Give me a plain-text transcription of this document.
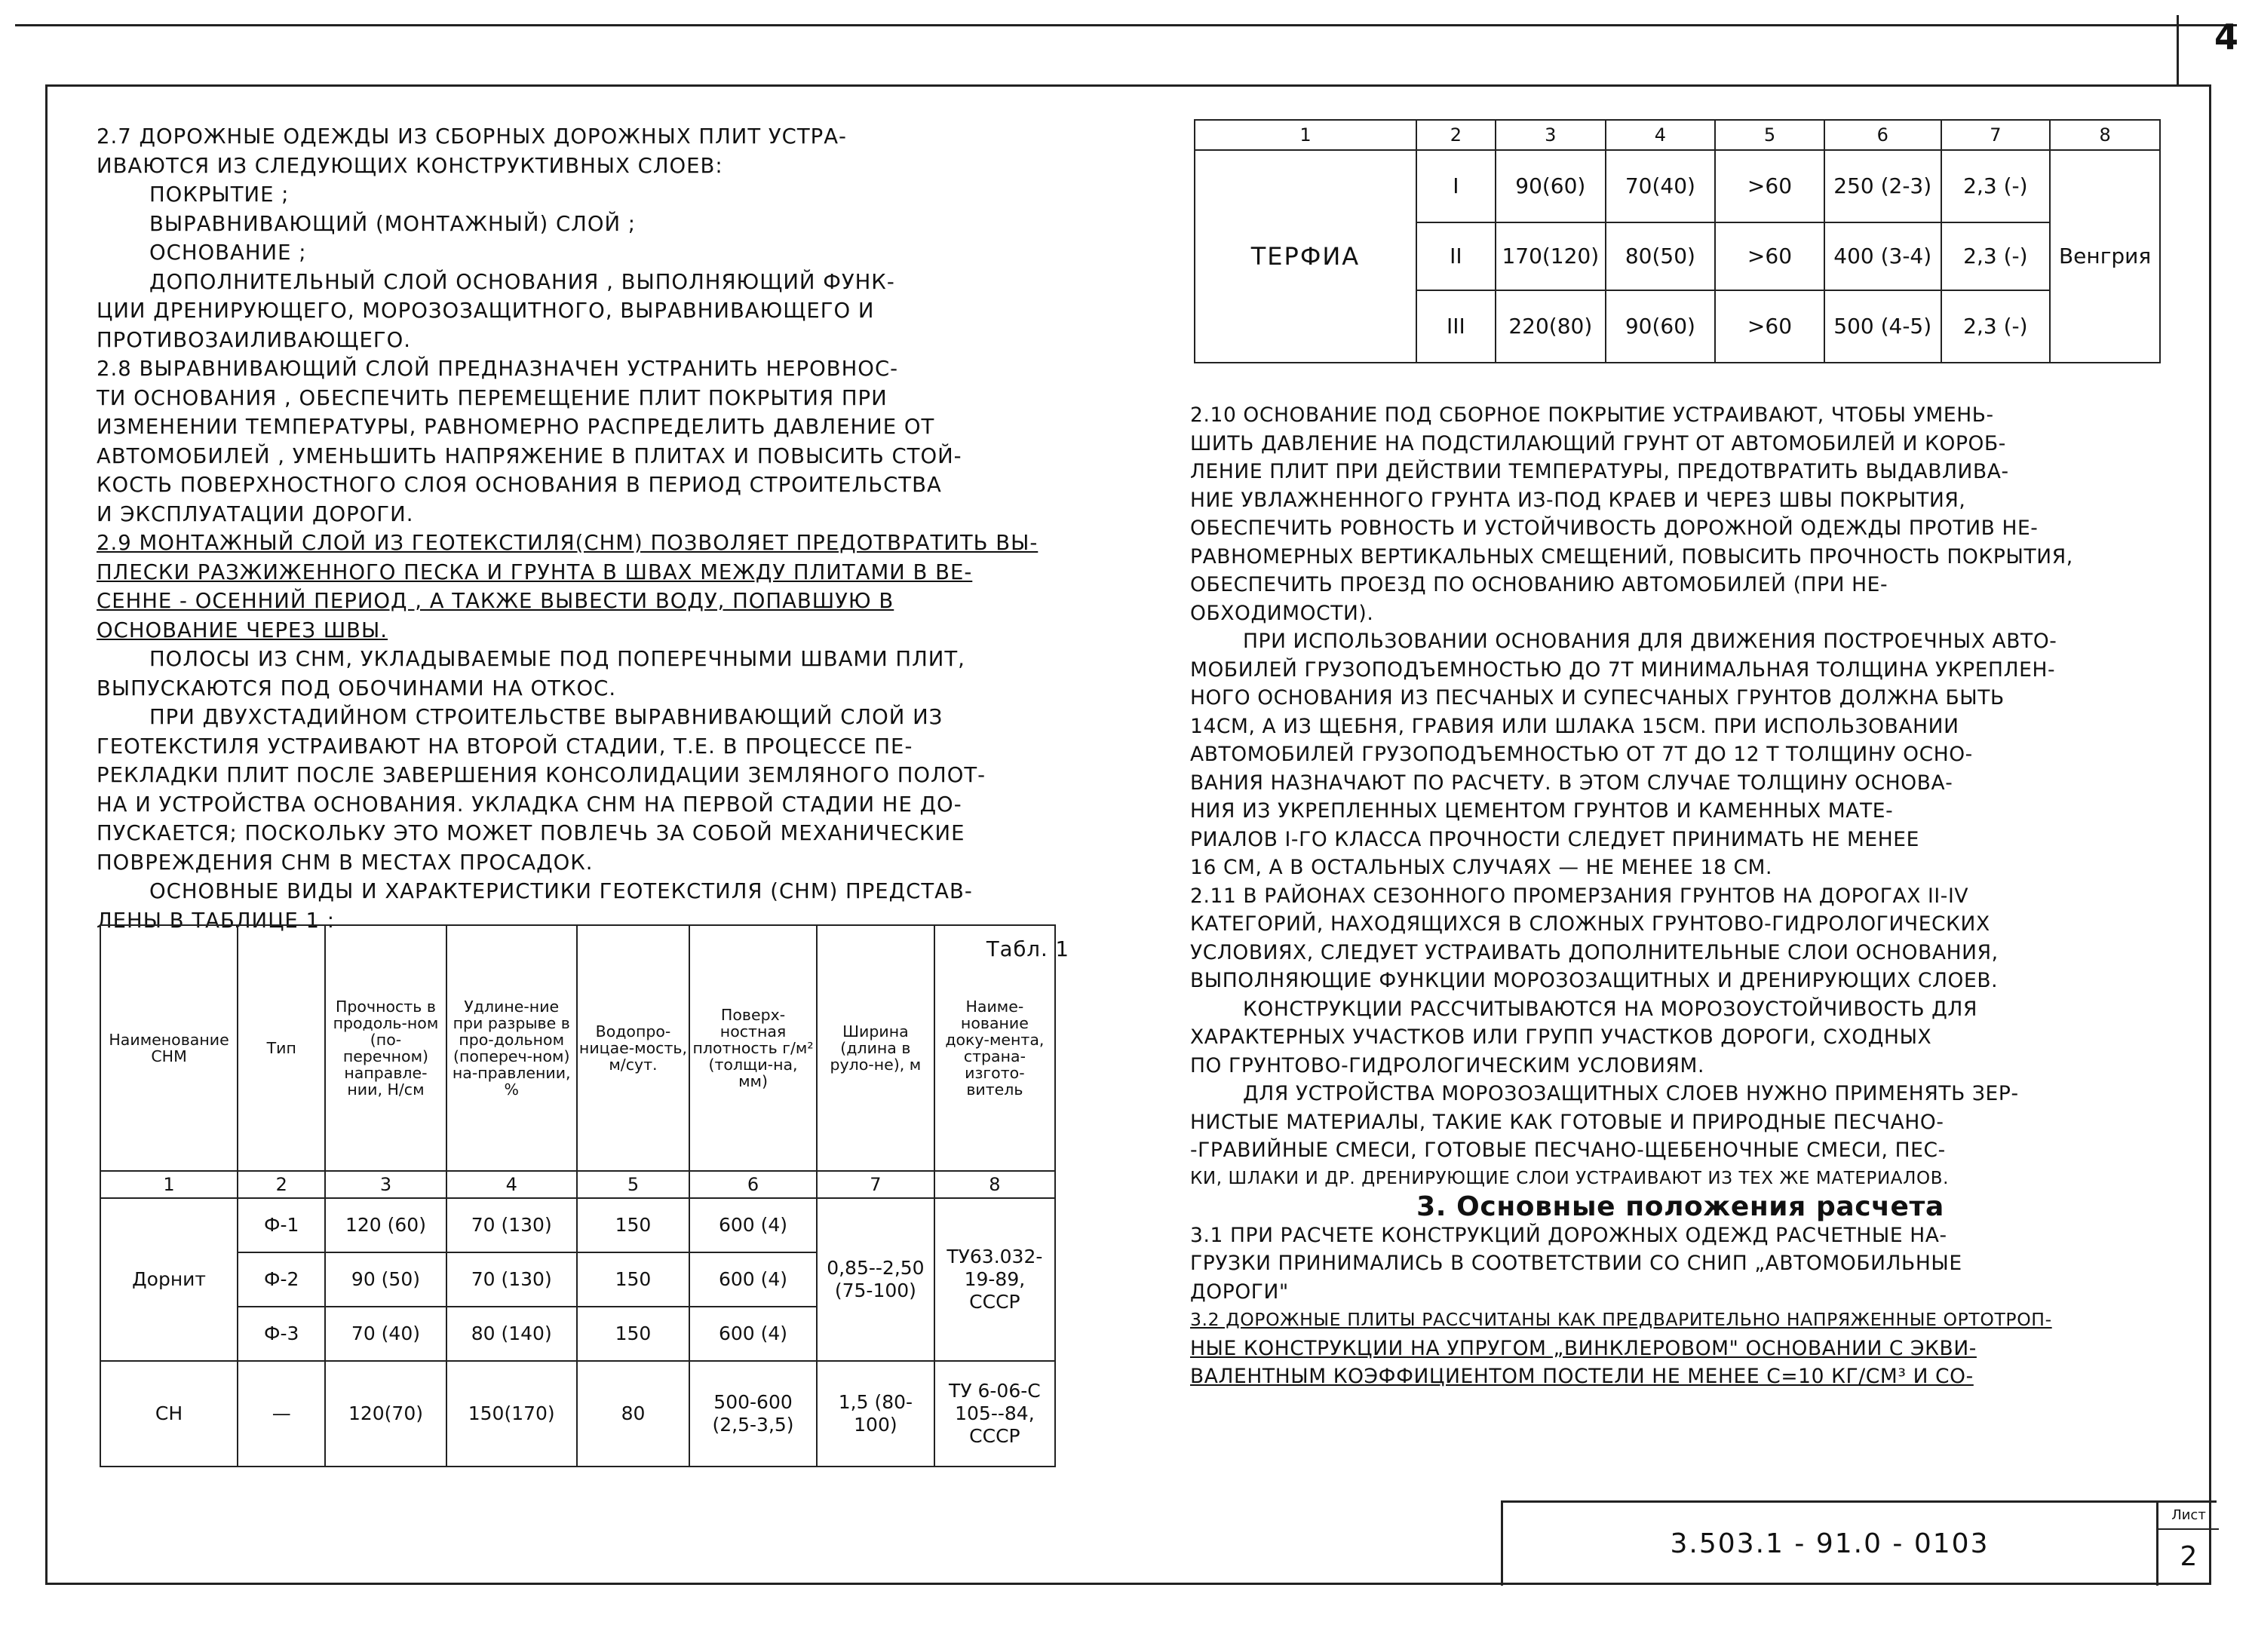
4

2.7 ДОРОЖНЫЕ ОДЕЖДЫ ИЗ СБОРНЫХ ДОРОЖНЫХ ПЛИТ УСТРА-

ИВАЮТСЯ ИЗ СЛЕДУЮЩИХ КОНСТРУКТИВНЫХ СЛОЕВ:

ПОКРЫТИЕ ;

ВЫРАВНИВАЮЩИЙ (МОНТАЖНЫЙ) СЛОЙ ;

ОСНОВАНИЕ ;

ДОПОЛНИТЕЛЬНЫЙ СЛОЙ ОСНОВАНИЯ , ВЫПОЛНЯЮЩИЙ ФУНК-

ЦИИ ДРЕНИРУЮЩЕГО, МОРОЗОЗАЩИТНОГО, ВЫРАВНИВАЮЩЕГО И

ПРОТИВОЗАИЛИВАЮЩЕГО.

2.8 ВЫРАВНИВАЮЩИЙ СЛОЙ ПРЕДНАЗНАЧЕН УСТРАНИТЬ НЕРОВНОС-

ТИ ОСНОВАНИЯ , ОБЕСПЕЧИТЬ ПЕРЕМЕЩЕНИЕ ПЛИТ ПОКРЫТИЯ ПРИ

ИЗМЕНЕНИИ ТЕМПЕРАТУРЫ, РАВНОМЕРНО РАСПРЕДЕЛИТЬ ДАВЛЕНИЕ ОТ

АВТОМОБИЛЕЙ , УМЕНЬШИТЬ НАПРЯЖЕНИЕ В ПЛИТАХ И ПОВЫСИТЬ СТОЙ-

КОСТЬ ПОВЕРХНОСТНОГО СЛОЯ ОСНОВАНИЯ В ПЕРИОД СТРОИТЕЛЬСТВА

И ЭКСПЛУАТАЦИИ ДОРОГИ.

2.9 МОНТАЖНЫЙ СЛОЙ ИЗ ГЕОТЕКСТИЛЯ(СНМ) ПОЗВОЛЯЕТ ПРЕДОТВРАТИТЬ ВЫ-

ПЛЕСКИ РАЗЖИЖЕННОГО ПЕСКА И ГРУНТА В ШВАХ МЕЖДУ ПЛИТАМИ В ВЕ-

СЕННЕ - ОСЕННИЙ ПЕРИОД , А ТАКЖЕ ВЫВЕСТИ ВОДУ, ПОПАВШУЮ В

ОСНОВАНИЕ ЧЕРЕЗ ШВЫ.

ПОЛОСЫ ИЗ СНМ, УКЛАДЫВАЕМЫЕ ПОД ПОПЕРЕЧНЫМИ ШВАМИ ПЛИТ,

ВЫПУСКАЮТСЯ ПОД ОБОЧИНАМИ НА ОТКОС.

ПРИ ДВУХСТАДИЙНОМ СТРОИТЕЛЬСТВЕ ВЫРАВНИВАЮЩИЙ СЛОЙ ИЗ

ГЕОТЕКСТИЛЯ УСТРАИВАЮТ НА ВТОРОЙ СТАДИИ, Т.Е. В ПРОЦЕССЕ ПЕ-

РЕКЛАДКИ ПЛИТ ПОСЛЕ ЗАВЕРШЕНИЯ КОНСОЛИДАЦИИ ЗЕМЛЯНОГО ПОЛОТ-

НА И УСТРОЙСТВА ОСНОВАНИЯ. УКЛАДКА СНМ НА ПЕРВОЙ СТАДИИ НЕ ДО-

ПУСКАЕТСЯ; ПОСКОЛЬКУ ЭТО МОЖЕТ ПОВЛЕЧЬ ЗА СОБОЙ МЕХАНИЧЕСКИЕ

ПОВРЕЖДЕНИЯ СНМ В МЕСТАХ ПРОСАДОК.

ОСНОВНЫЕ ВИДЫ И ХАРАКТЕРИСТИКИ ГЕОТЕКСТИЛЯ (СНМ) ПРЕДСТАВ-

ЛЕНЫ В ТАБЛИЦЕ 1 :

Табл. 1

Наименование СНМ	Тип	Прочность в продоль-ном (по-перечном) направле-нии, Н/см	Удлине-ние при разрыве в про-дольном (попереч-ном) на-правлении, %	Водопро-ницае-мость, м/сут.	Поверх-ностная плотность г/м² (толщи-на, мм)	Ширина (длина в руло-не), м	Наиме-нование доку-мента, страна-изгото-витель
1	2	3	4	5	6	7	8
Дорнит	Ф-1	120 (60)	70 (130)	150	600 (4)	0,85--2,50 (75-100)	ТУ63.032-19-89, СССР
	Ф-2	90 (50)	70 (130)	150	600 (4)		
	Ф-3	70 (40)	80 (140)	150	600 (4)		
СН	—	120(70)	150(170)	80	500-600 (2,5-3,5)	1,5 (80-100)	ТУ 6-06-С 105--84, СССР
1	2	3	4	5	6	7	8
ТЕРФИА	I	90(60)	70(40)	>60	250 (2-3)	2,3 (-)	Венгрия
	II	170(120)	80(50)	>60	400 (3-4)	2,3 (-)	
	III	220(80)	90(60)	>60	500 (4-5)	2,3 (-)	

2.10 ОСНОВАНИЕ ПОД СБОРНОЕ ПОКРЫТИЕ УСТРАИВАЮТ, ЧТОБЫ УМЕНЬ-

ШИТЬ ДАВЛЕНИЕ НА ПОДСТИЛАЮЩИЙ ГРУНТ ОТ АВТОМОБИЛЕЙ И КОРОБ-

ЛЕНИЕ ПЛИТ ПРИ ДЕЙСТВИИ ТЕМПЕРАТУРЫ, ПРЕДОТВРАТИТЬ ВЫДАВЛИВА-

НИЕ УВЛАЖНЕННОГО ГРУНТА ИЗ-ПОД КРАЕВ И ЧЕРЕЗ ШВЫ ПОКРЫТИЯ,

ОБЕСПЕЧИТЬ РОВНОСТЬ И УСТОЙЧИВОСТЬ ДОРОЖНОЙ ОДЕЖДЫ ПРОТИВ НЕ-

РАВНОМЕРНЫХ ВЕРТИКАЛЬНЫХ СМЕЩЕНИЙ, ПОВЫСИТЬ ПРОЧНОСТЬ ПОКРЫТИЯ,

ОБЕСПЕЧИТЬ ПРОЕЗД ПО ОСНОВАНИЮ АВТОМОБИЛЕЙ (ПРИ НЕ-

ОБХОДИМОСТИ).

ПРИ ИСПОЛЬЗОВАНИИ ОСНОВАНИЯ ДЛЯ ДВИЖЕНИЯ ПОСТРОЕЧНЫХ АВТО-

МОБИЛЕЙ ГРУЗОПОДЪЕМНОСТЬЮ ДО 7Т МИНИМАЛЬНАЯ ТОЛЩИНА УКРЕПЛЕН-

НОГО ОСНОВАНИЯ ИЗ ПЕСЧАНЫХ И СУПЕСЧАНЫХ ГРУНТОВ ДОЛЖНА БЫТЬ

14СМ, А ИЗ ЩЕБНЯ, ГРАВИЯ ИЛИ ШЛАКА 15СМ. ПРИ ИСПОЛЬЗОВАНИИ

АВТОМОБИЛЕЙ ГРУЗОПОДЪЕМНОСТЬЮ ОТ 7Т ДО 12 Т ТОЛЩИНУ ОСНО-

ВАНИЯ НАЗНАЧАЮТ ПО РАСЧЕТУ. В ЭТОМ СЛУЧАЕ ТОЛЩИНУ ОСНОВА-

НИЯ ИЗ УКРЕПЛЕННЫХ ЦЕМЕНТОМ ГРУНТОВ И КАМЕННЫХ МАТЕ-

РИАЛОВ I-ГО КЛАССА ПРОЧНОСТИ СЛЕДУЕТ ПРИНИМАТЬ НЕ МЕНЕЕ

16 СМ, А В ОСТАЛЬНЫХ СЛУЧАЯХ — НЕ МЕНЕЕ 18 СМ.

2.11 В РАЙОНАХ СЕЗОННОГО ПРОМЕРЗАНИЯ ГРУНТОВ НА ДОРОГАХ II-IV

КАТЕГОРИЙ, НАХОДЯЩИХСЯ В СЛОЖНЫХ ГРУНТОВО-ГИДРОЛОГИЧЕСКИХ

УСЛОВИЯХ, СЛЕДУЕТ УСТРАИВАТЬ ДОПОЛНИТЕЛЬНЫЕ СЛОИ ОСНОВАНИЯ,

ВЫПОЛНЯЮЩИЕ ФУНКЦИИ МОРОЗОЗАЩИТНЫХ И ДРЕНИРУЮЩИХ СЛОЕВ.

КОНСТРУКЦИИ РАССЧИТЫВАЮТСЯ НА МОРОЗОУСТОЙЧИВОСТЬ ДЛЯ

ХАРАКТЕРНЫХ УЧАСТКОВ ИЛИ ГРУПП УЧАСТКОВ ДОРОГИ, СХОДНЫХ

ПО ГРУНТОВО-ГИДРОЛОГИЧЕСКИМ УСЛОВИЯМ.

ДЛЯ УСТРОЙСТВА МОРОЗОЗАЩИТНЫХ СЛОЕВ НУЖНО ПРИМЕНЯТЬ ЗЕР-

НИСТЫЕ МАТЕРИАЛЫ, ТАКИЕ КАК ГОТОВЫЕ И ПРИРОДНЫЕ ПЕСЧАНО-

-ГРАВИЙНЫЕ СМЕСИ, ГОТОВЫЕ ПЕСЧАНО-ЩЕБЕНОЧНЫЕ СМЕСИ, ПЕС-

КИ, ШЛАКИ И ДР. ДРЕНИРУЮЩИЕ СЛОИ УСТРАИВАЮТ ИЗ ТЕХ ЖЕ МАТЕРИАЛОВ.

3. Основные положения расчета

3.1 ПРИ РАСЧЕТЕ КОНСТРУКЦИЙ ДОРОЖНЫХ ОДЕЖД РАСЧЕТНЫЕ НА-

ГРУЗКИ ПРИНИМАЛИСЬ В СООТВЕТСТВИИ СО СНИП „АВТОМОБИЛЬНЫЕ

ДОРОГИ"

3.2 ДОРОЖНЫЕ ПЛИТЫ РАССЧИТАНЫ КАК ПРЕДВАРИТЕЛЬНО НАПРЯЖЕННЫЕ ОРТОТРОП-

НЫЕ КОНСТРУКЦИИ НА УПРУГОМ „ВИНКЛЕРОВОМ" ОСНОВАНИИ С ЭКВИ-

ВАЛЕНТНЫМ КОЭФФИЦИЕНТОМ ПОСТЕЛИ НЕ МЕНЕЕ С=10 КГ/СМ³ И СО-

3.503.1 - 91.0 - 0103
Лист
2
